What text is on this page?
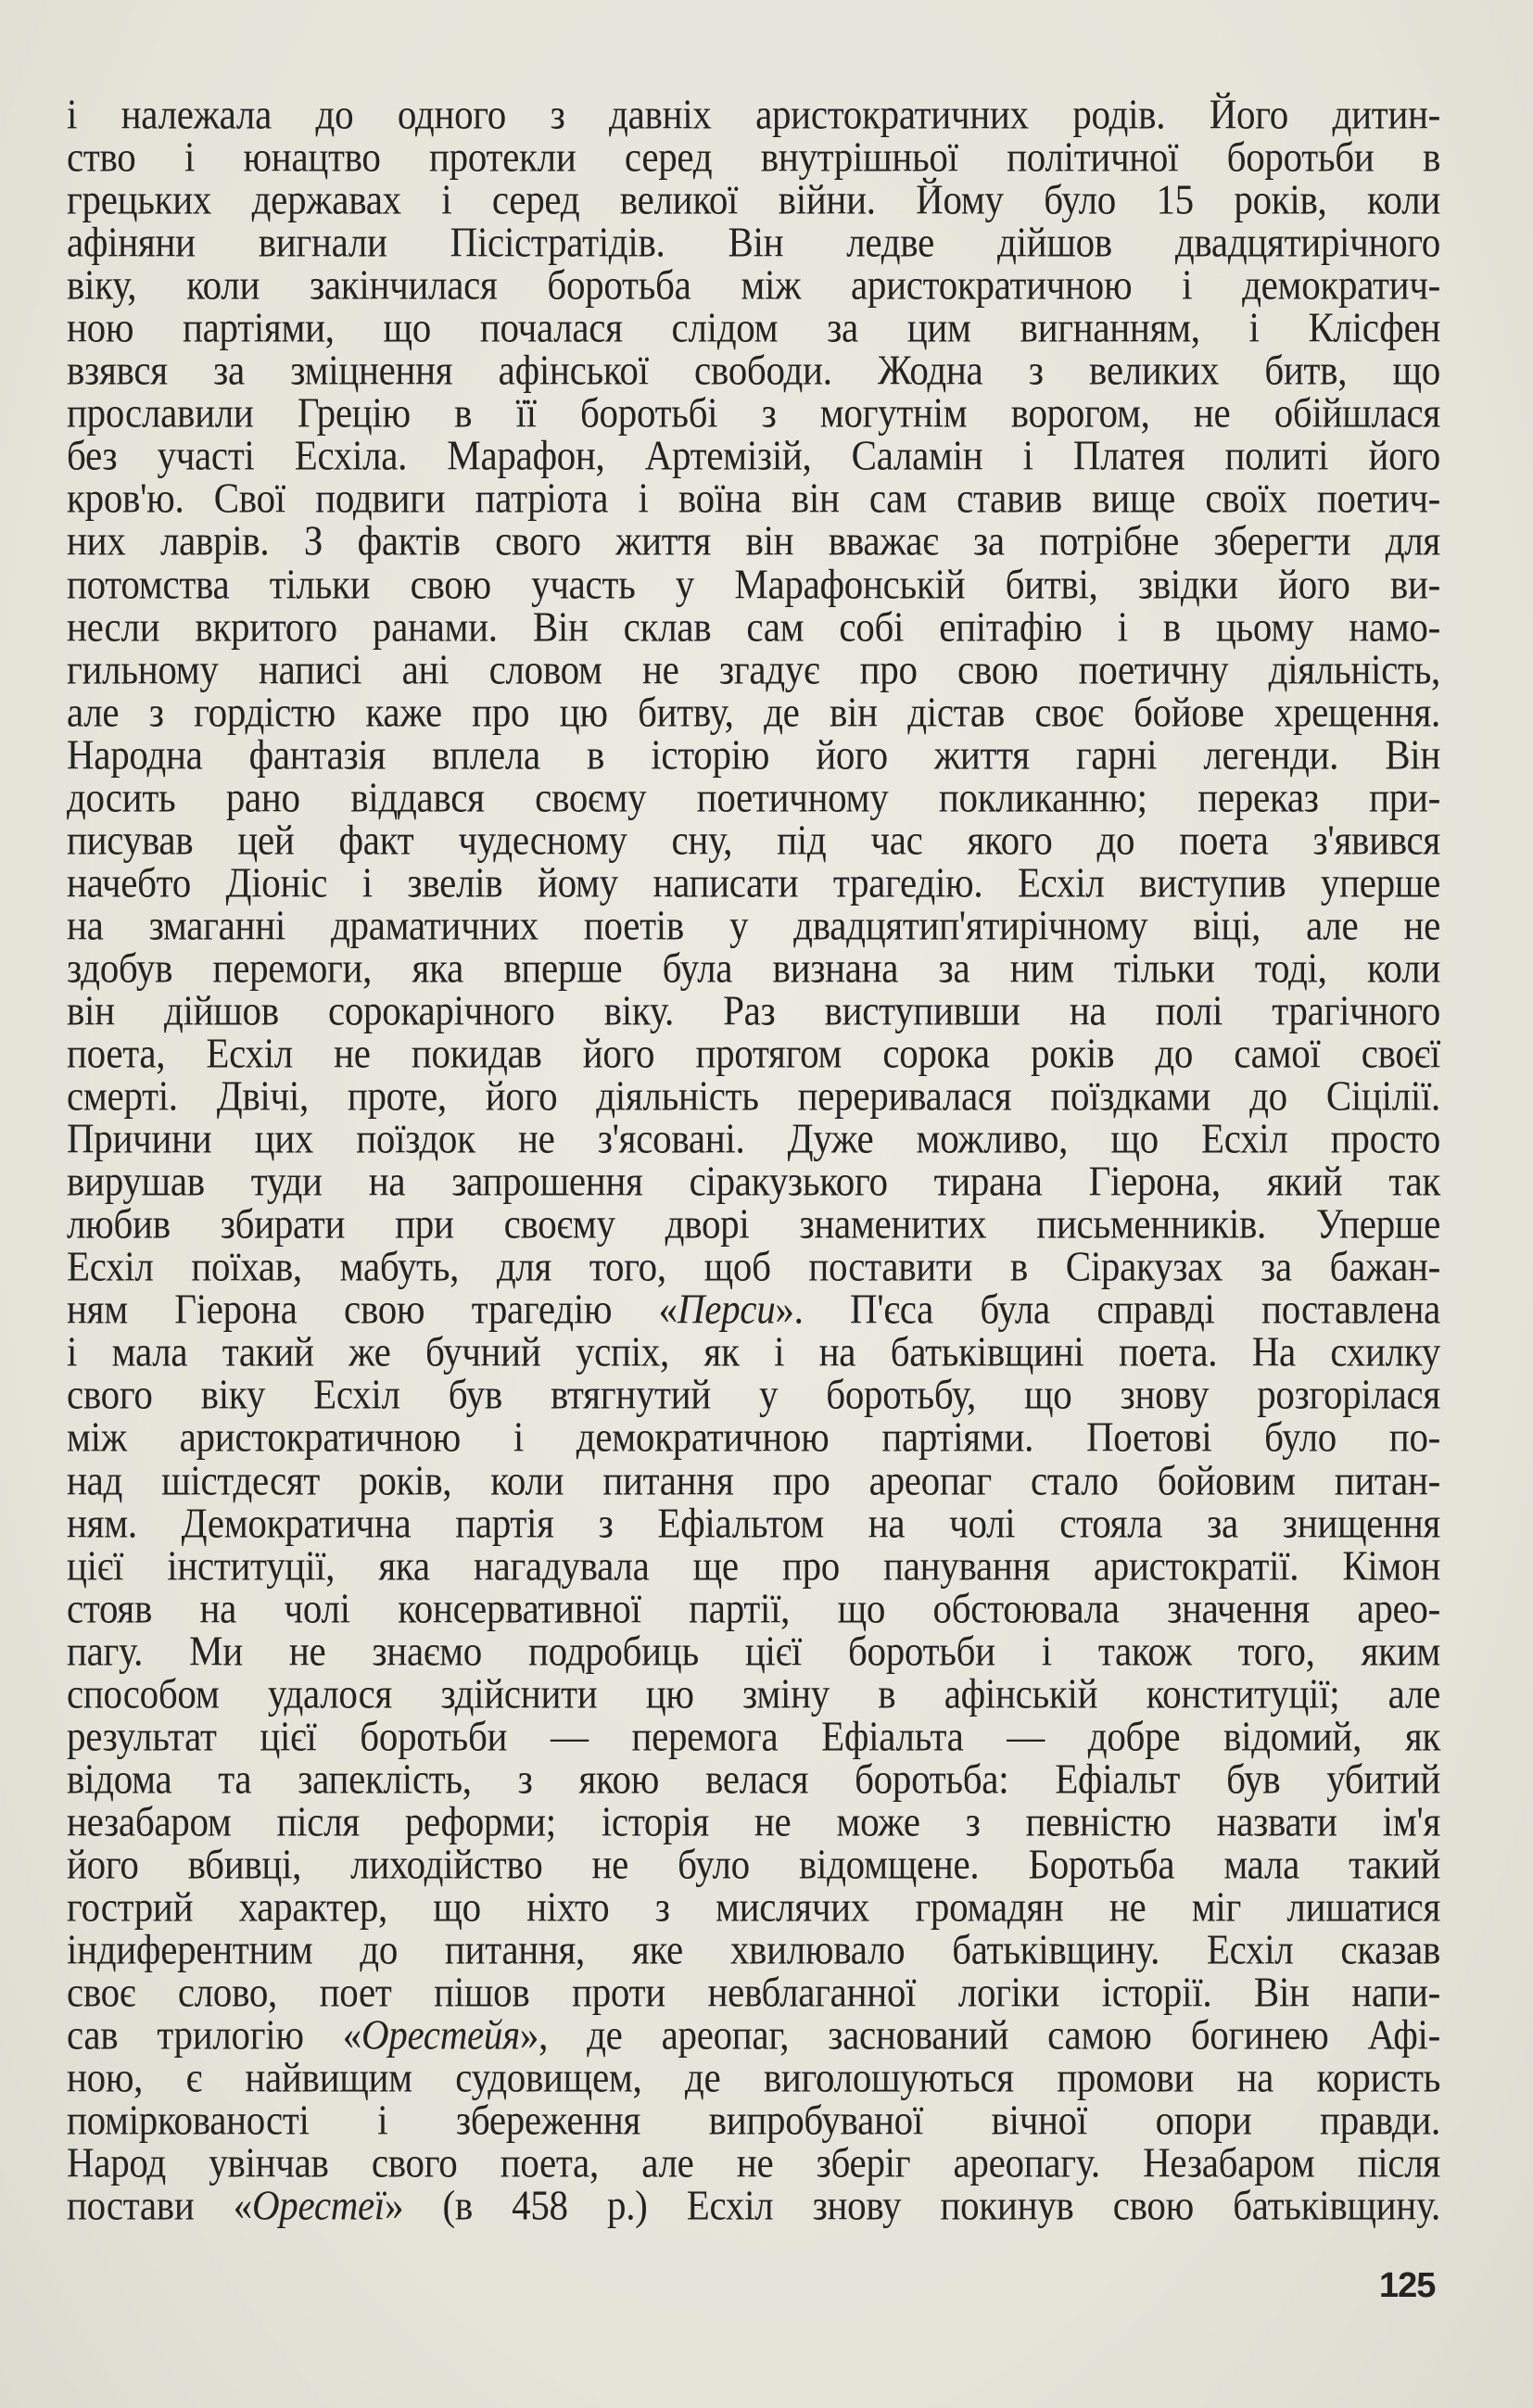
і належала до одного з давніх аристократичних родів. Його дитин-
ство і юнацтво протекли серед внутрішньої політичної боротьби в
грецьких державах і серед великої війни. Йому було 15 років, коли
афіняни вигнали Пісістратідів. Він ледве дійшов двадцятирічного
віку, коли закінчилася боротьба між аристократичною і демократич-
ною партіями, що почалася слідом за цим вигнанням, і Клісфен
взявся за зміцнення афінської свободи. Жодна з великих битв, що
прославили Грецію в її боротьбі з могутнім ворогом, не обійшлася
без участі Есхіла. Марафон, Артемізій, Саламін і Платея политі його
кров'ю. Свої подвиги патріота і воїна він сам ставив вище своїх поетич-
них лаврів. З фактів свого життя він вважає за потрібне зберегти для
потомства тільки свою участь у Марафонській битві, звідки його ви-
несли вкритого ранами. Він склав сам собі епітафію і в цьому намо-
гильному написі ані словом не згадує про свою поетичну діяльність,
але з гордістю каже про цю битву, де він дістав своє бойове хрещення.
Народна фантазія вплела в історію його життя гарні легенди. Він
досить рано віддався своєму поетичному покликанню; переказ при-
писував цей факт чудесному сну, під час якого до поета з'явився
начебто Діоніс і звелів йому написати трагедію. Есхіл виступив уперше
на змаганні драматичних поетів у двадцятип'ятирічному віці, але не
здобув перемоги, яка вперше була визнана за ним тільки тоді, коли
він дійшов сорокарічного віку. Раз виступивши на полі трагічного
поета, Есхіл не покидав його протягом сорока років до самої своєї
смерті. Двічі, проте, його діяльність переривалася поїздками до Сіцілії.
Причини цих поїздок не з'ясовані. Дуже можливо, що Есхіл просто
вирушав туди на запрошення сіракузького тирана Гіерона, який так
любив збирати при своєму дворі знаменитих письменників. Уперше
Есхіл поїхав, мабуть, для того, щоб поставити в Сіракузах за бажан-
ням Гіерона свою трагедію «Перси». П'єса була справді поставлена
і мала такий же бучний успіх, як і на батьківщині поета. На схилку
свого віку Есхіл був втягнутий у боротьбу, що знову розгорілася
між аристократичною і демократичною партіями. Поетові було по-
над шістдесят років, коли питання про ареопаг стало бойовим питан-
ням. Демократична партія з Ефіальтом на чолі стояла за знищення
цієї інституції, яка нагадувала ще про панування аристократії. Кімон
стояв на чолі консервативної партії, що обстоювала значення арео-
пагу. Ми не знаємо подробиць цієї боротьби і також того, яким
способом удалося здійснити цю зміну в афінській конституції; але
результат цієї боротьби — перемога Ефіальта — добре відомий, як
відома та запеклість, з якою велася боротьба: Ефіальт був убитий
незабаром після реформи; історія не може з певністю назвати ім'я
його вбивці, лиходійство не було відомщене. Боротьба мала такий
гострий характер, що ніхто з мислячих громадян не міг лишатися
індиферентним до питання, яке хвилювало батьківщину. Есхіл сказав
своє слово, поет пішов проти невблаганної логіки історії. Він напи-
сав трилогію «Орестейя», де ареопаг, заснований самою богинею Афі-
ною, є найвищим судовищем, де виголошуються промови на користь
поміркованості і збереження випробуваної вічної опори правди.
Народ увінчав свого поета, але не зберіг ареопагу. Незабаром після
постави «Орестеї» (в 458 р.) Есхіл знову покинув свою батьківщину.
125
